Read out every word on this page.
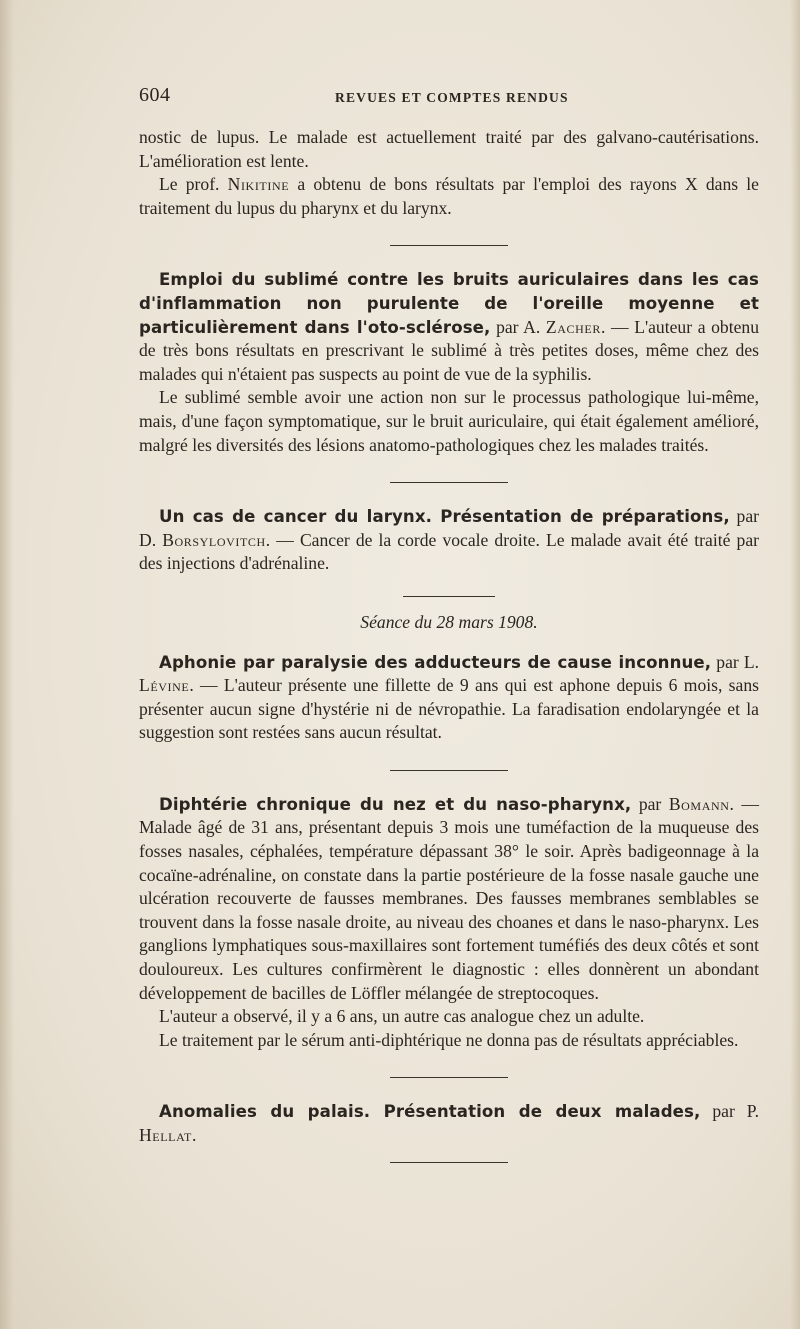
604	REVUES ET COMPTES RENDUS

nostic de lupus. Le malade est actuellement traité par des galvano-cautérisations. L'amélioration est lente.

Le prof. Nikitine a obtenu de bons résultats par l'emploi des rayons X dans le traitement du lupus du pharynx et du larynx.

Emploi du sublimé contre les bruits auriculaires dans les cas d'inflammation non purulente de l'oreille moyenne et particulièrement dans l'oto-sclérose, par A. Zacher. — L'auteur a obtenu de très bons résultats en prescrivant le sublimé à très petites doses, même chez des malades qui n'étaient pas suspects au point de vue de la syphilis.

Le sublimé semble avoir une action non sur le processus pathologique lui-même, mais, d'une façon symptomatique, sur le bruit auriculaire, qui était également amélioré, malgré les diversités des lésions anatomo-pathologiques chez les malades traités.

Un cas de cancer du larynx. Présentation de préparations, par D. Borsylovitch. — Cancer de la corde vocale droite. Le malade avait été traité par des injections d'adrénaline.

Séance du 28 mars 1908.

Aphonie par paralysie des adducteurs de cause inconnue, par L. Lévine. — L'auteur présente une fillette de 9 ans qui est aphone depuis 6 mois, sans présenter aucun signe d'hystérie ni de névropathie. La faradisation endolaryngée et la suggestion sont restées sans aucun résultat.

Diphtérie chronique du nez et du naso-pharynx, par Bomann. — Malade âgé de 31 ans, présentant depuis 3 mois une tuméfaction de la muqueuse des fosses nasales, céphalées, température dépassant 38° le soir. Après badigeonnage à la cocaïne-adrénaline, on constate dans la partie postérieure de la fosse nasale gauche une ulcération recouverte de fausses membranes. Des fausses membranes semblables se trouvent dans la fosse nasale droite, au niveau des choanes et dans le naso-pharynx. Les ganglions lymphatiques sous-maxillaires sont fortement tuméfiés des deux côtés et sont douloureux. Les cultures confirmèrent le diagnostic : elles donnèrent un abondant développement de bacilles de Löffler mélangée de streptocoques.

L'auteur a observé, il y a 6 ans, un autre cas analogue chez un adulte.

Le traitement par le sérum anti-diphtérique ne donna pas de résultats appréciables.

Anomalies du palais. Présentation de deux malades, par P. Hellat.
